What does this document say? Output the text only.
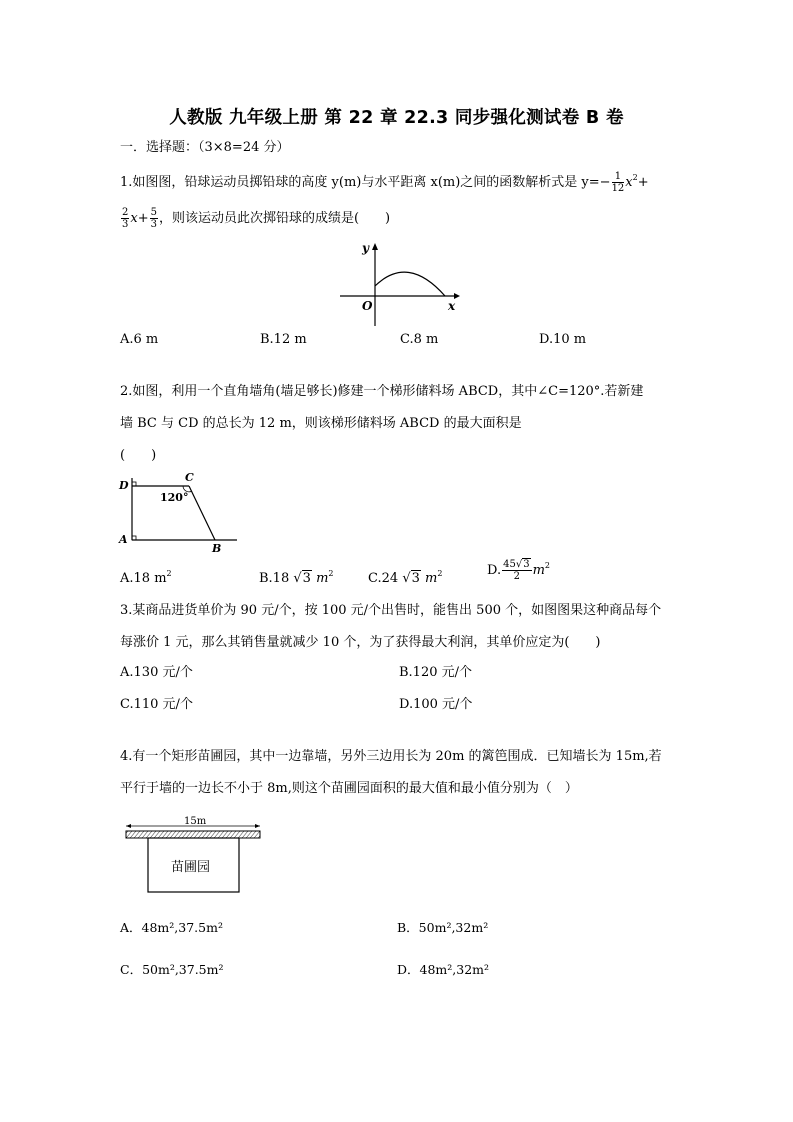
人教版 九年级上册 第 22 章 22.3 同步强化测试卷 B 卷
一．选择题：（3×8=24 分）
1.如图图，铅球运动员掷铅球的高度 y(m)与水平距离 x(m)之间的函数解析式是 $y=- \frac{1}{12} x^2+$
$\frac{2}{3} x+ \frac{5}{3}$ ，则该运动员此次掷铅球的成绩是(　　)
y
O	x
A.6 m	B.12 m	C.8 m	D.10 m
2.如图，利用一个直角墙角(墙足够长)修建一个梯形储料场 ABCD，其中∠C=120°.若新建
墙 BC 与 CD 的总长为 12 m，则该梯形储料场 ABCD 的最大面积是
(　　)
D
C
A
B
120°
A.18 $m^2$	B.18 √3 $m^2$	C.24 √3 $m^2$	D. $\frac{45√3}{2} m^2$
3.某商品进货单价为 90 元/个，按 100 元/个出售时，能售出 500 个，如图图果这种商品每个
每涨价 1 元，那么其销售量就减少 10 个，为了获得最大利润，其单价应定为(　　)
A.130 元/个	B.120 元/个
C.110 元/个	D.100 元/个
4.有一个矩形苗圃园，其中一边靠墙，另外三边用长为 20m 的篱笆围成．已知墙长为 15m,若
平行于墙的一边长不小于 8m,则这个苗圃园面积的最大值和最小值分别为（　）
15m
苗圃园
A．48m²,37.5m²	B．50m²,32m²
C．50m²,37.5m²	D．48m²,32m²
